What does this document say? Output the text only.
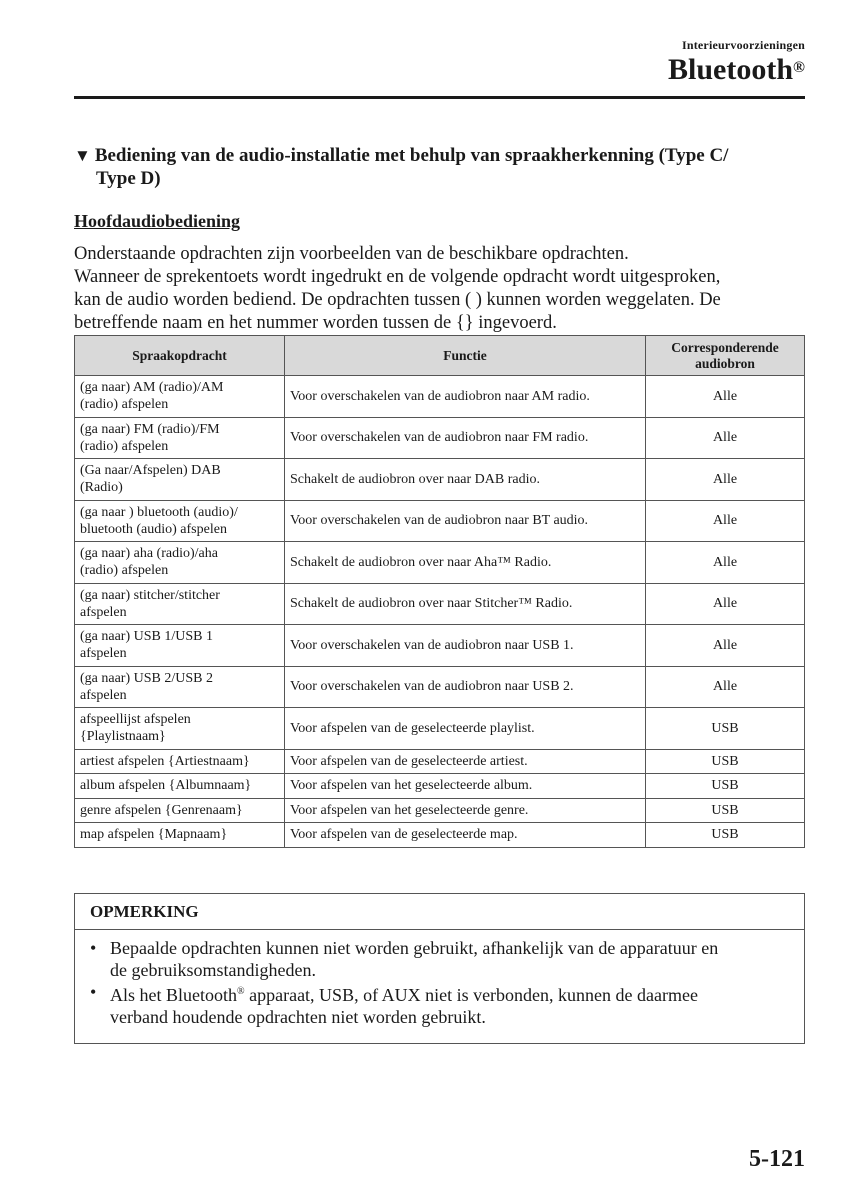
Interieurvoorzieningen
Bluetooth®
▼ Bediening van de audio-installatie met behulp van spraakherkenning (Type C/
Type D)
Hoofdaudiobediening

Onderstaande opdrachten zijn voorbeelden van de beschikbare opdrachten.

Wanneer de sprekentoets wordt ingedrukt en de volgende opdracht wordt uitgesproken,

kan de audio worden bediend. De opdrachten tussen ( ) kunnen worden weggelaten. De

betreffende naam en het nummer worden tussen de {} ingevoerd.

Spraakopdracht	Functie	Corresponderende
audiobron
(ga naar) AM (radio)/AM
(radio) afspelen	Voor overschakelen van de audiobron naar AM radio.	Alle
(ga naar) FM (radio)/FM
(radio) afspelen	Voor overschakelen van de audiobron naar FM radio.	Alle
(Ga naar/Afspelen) DAB
(Radio)	Schakelt de audiobron over naar DAB radio.	Alle
(ga naar ) bluetooth (audio)/
bluetooth (audio) afspelen	Voor overschakelen van de audiobron naar BT audio.	Alle
(ga naar) aha (radio)/aha
(radio) afspelen	Schakelt de audiobron over naar Aha™ Radio.	Alle
(ga naar) stitcher/stitcher
afspelen	Schakelt de audiobron over naar Stitcher™ Radio.	Alle
(ga naar) USB 1/USB 1
afspelen	Voor overschakelen van de audiobron naar USB 1.	Alle
(ga naar) USB 2/USB 2
afspelen	Voor overschakelen van de audiobron naar USB 2.	Alle
afspeellijst afspelen
{Playlistnaam}	Voor afspelen van de geselecteerde playlist.	USB
artiest afspelen {Artiestnaam}	Voor afspelen van de geselecteerde artiest.	USB
album afspelen {Albumnaam}	Voor afspelen van het geselecteerde album.	USB
genre afspelen {Genrenaam}	Voor afspelen van het geselecteerde genre.	USB
map afspelen {Mapnaam}	Voor afspelen van de geselecteerde map.	USB
OPMERKING
• Bepaalde opdrachten kunnen niet worden gebruikt, afhankelijk van de apparatuur en
de gebruiksomstandigheden.
• Als het Bluetooth® apparaat, USB, of AUX niet is verbonden, kunnen de daarmee
verband houdende opdrachten niet worden gebruikt.
5-121
